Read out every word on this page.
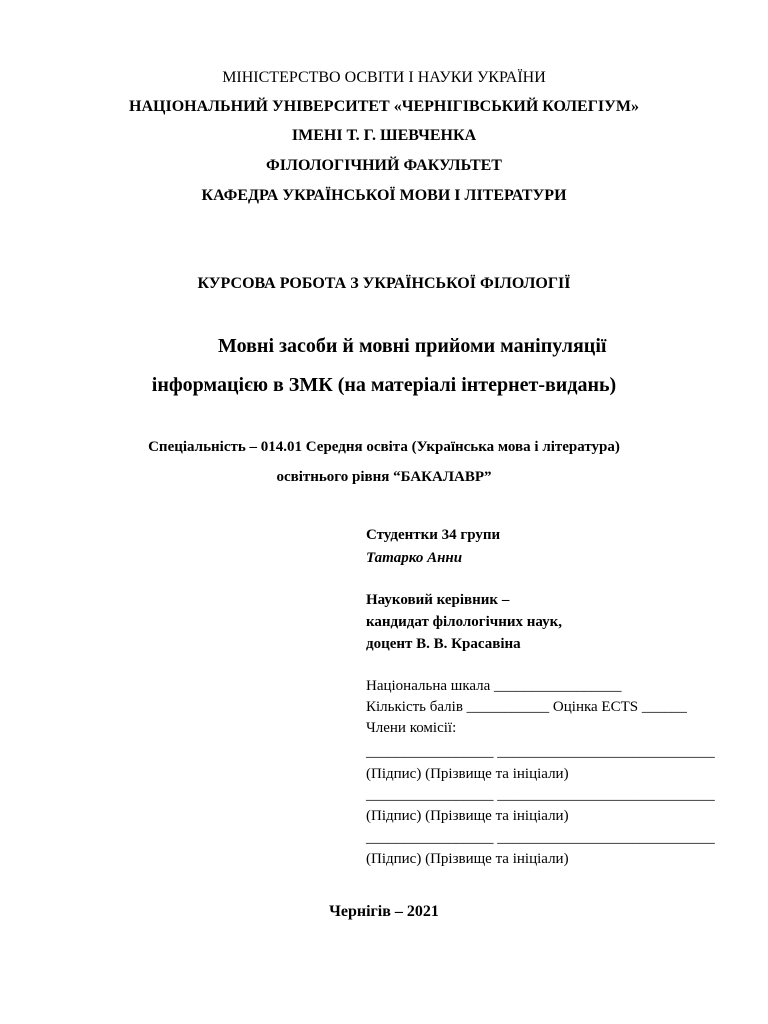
МІНІСТЕРСТВО ОСВІТИ І НАУКИ УКРАЇНИ
НАЦІОНАЛЬНИЙ УНІВЕРСИТЕТ «ЧЕРНІГІВСЬКИЙ КОЛЕГІУМ»
ІМЕНІ Т. Г. ШЕВЧЕНКА
ФІЛОЛОГІЧНИЙ ФАКУЛЬТЕТ
КАФЕДРА УКРАЇНСЬКОЇ МОВИ І ЛІТЕРАТУРИ
КУРСОВА РОБОТА З УКРАЇНСЬКОЇ ФІЛОЛОГІЇ
Мовні засоби й мовні прийоми маніпуляції
інформацією в ЗМК (на матеріалі інтернет-видань)
Спеціальність – 014.01 Середня освіта (Українська мова і література)
освітнього рівня “БАКАЛАВР”
Студентки 34 групи
Татарко Анни
Науковий керівник –
кандидат філологічних наук,
доцент В. В. Красавіна
Національна шкала _________________
Кількість балів ___________ Оцінка ECTS ______
Члени комісії:
_________________ _____________________________
(Підпис) (Прізвище та ініціали)
_________________ _____________________________
(Підпис) (Прізвище та ініціали)
_________________ _____________________________
(Підпис) (Прізвище та ініціали)
Чернігів – 2021
